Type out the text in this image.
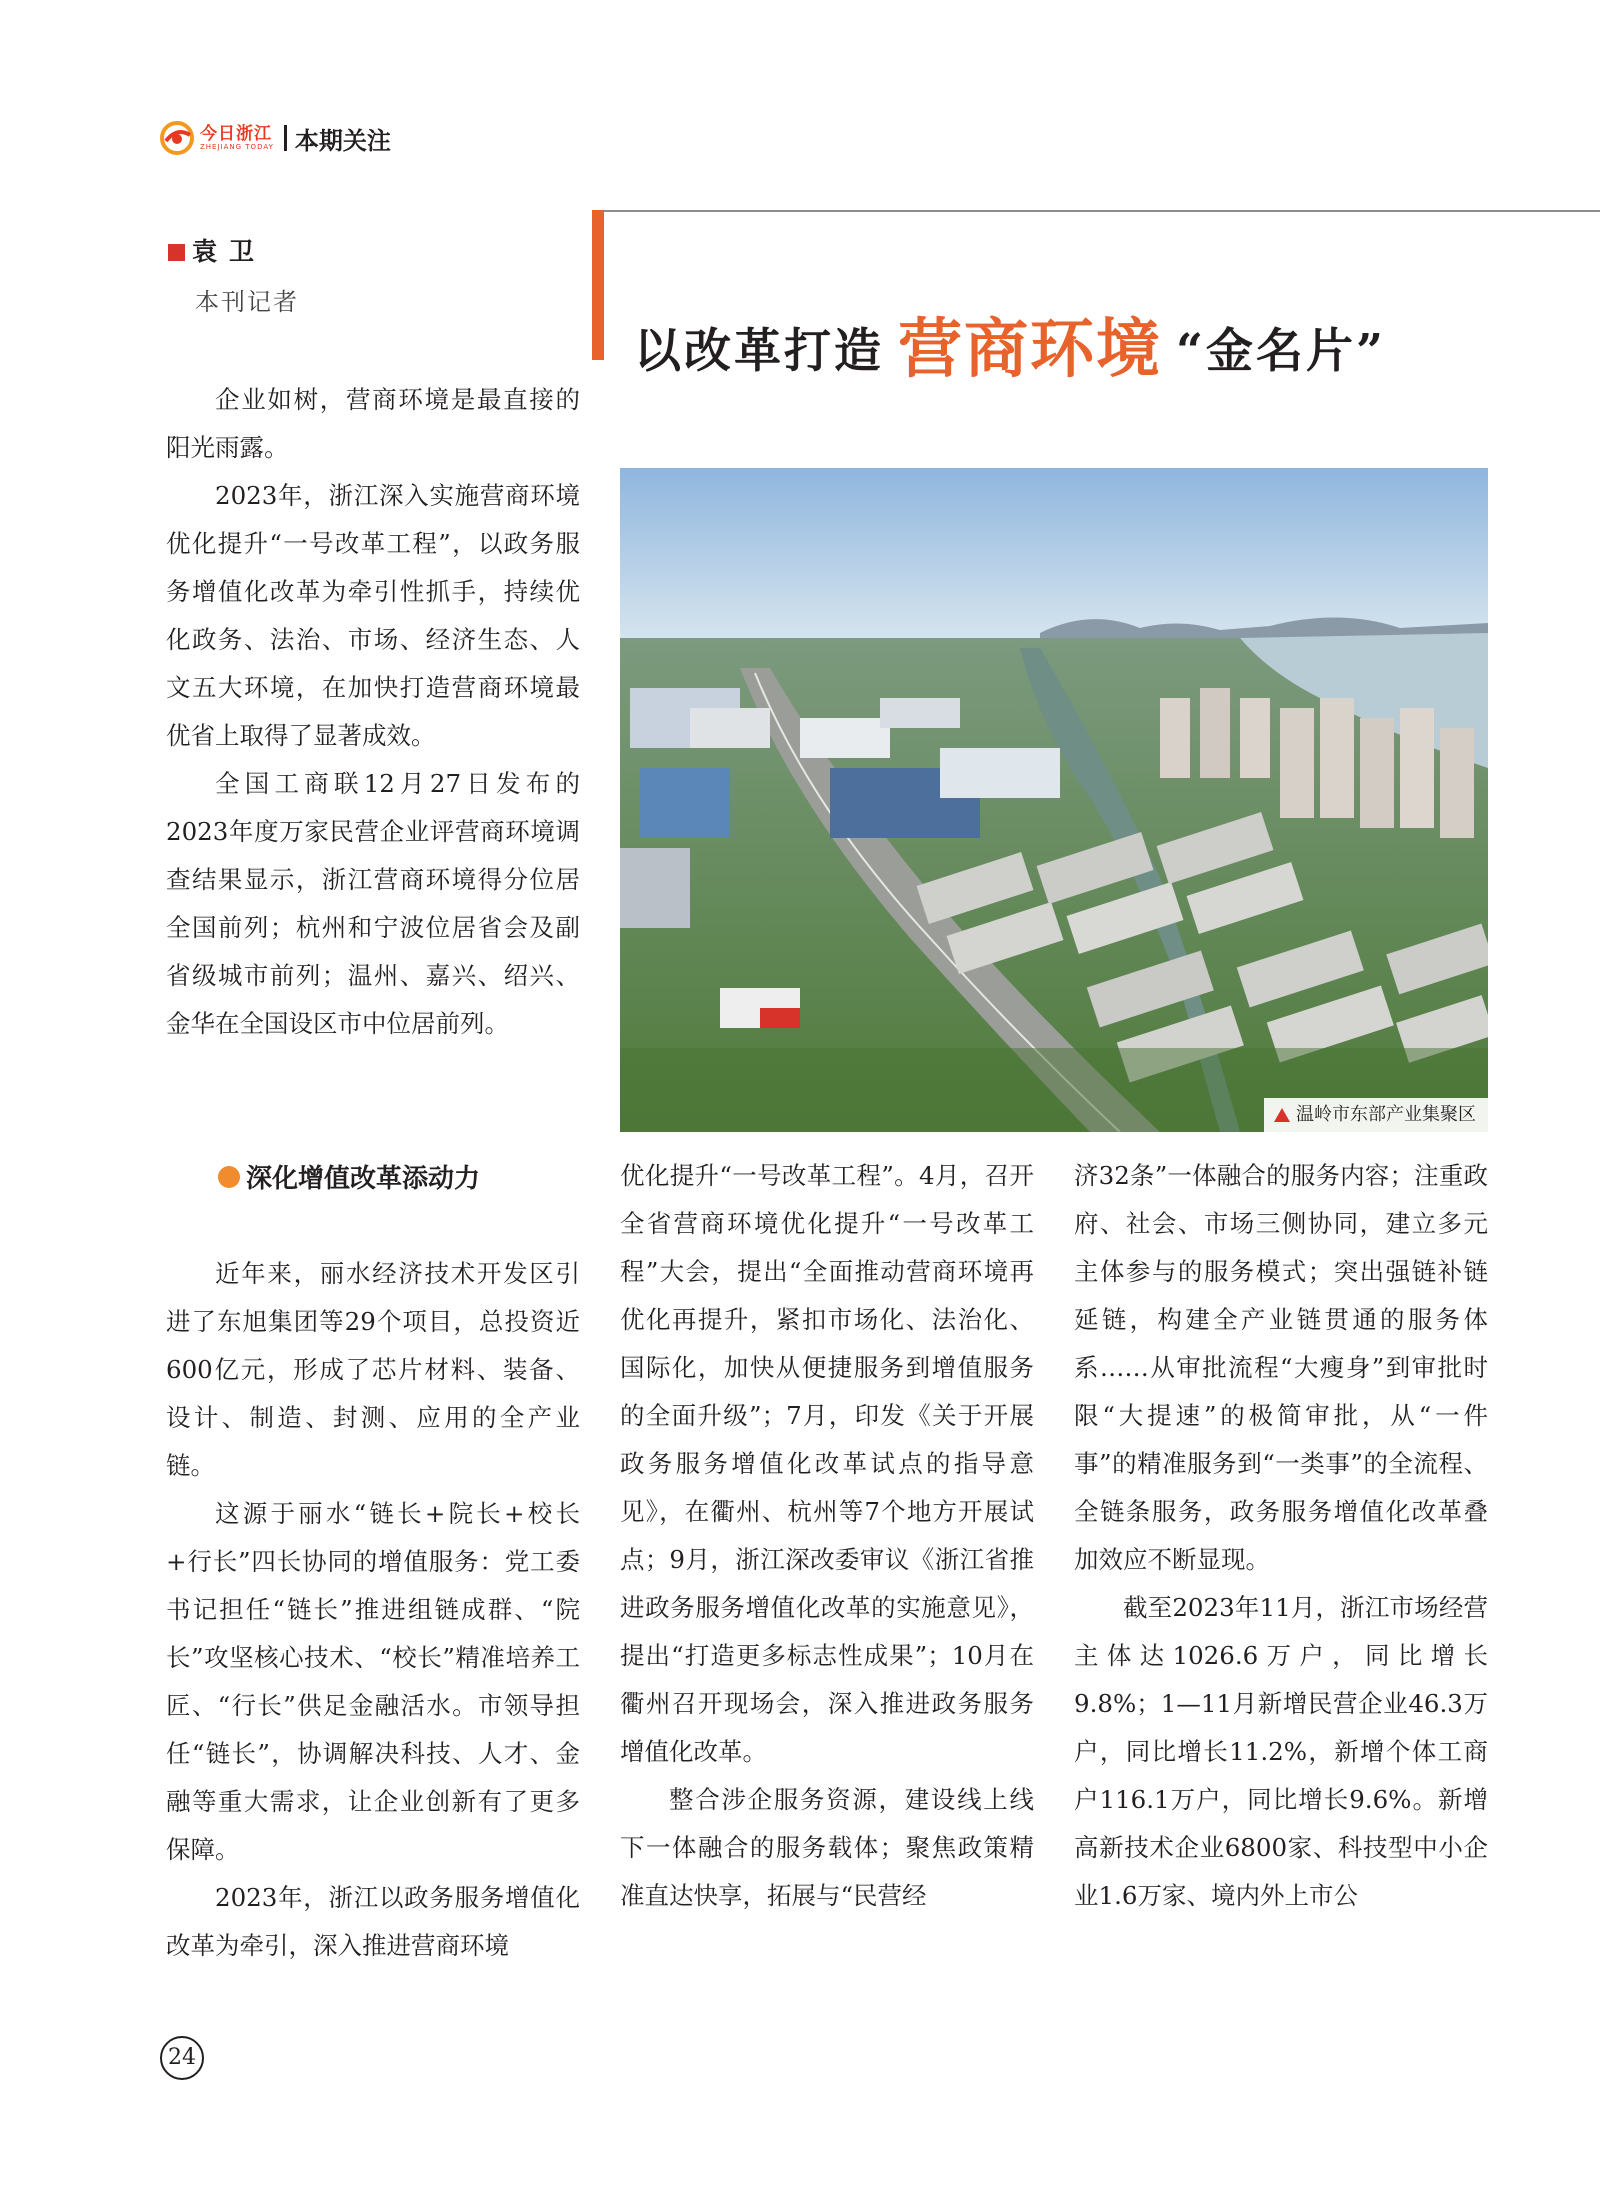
今日浙江
ZHEJIANG TODAY 本期关注
以改革打造 营商环境 “金名片”
袁卫
本刊记者

企业如树，营商环境是最直接的阳光雨露。

2023年，浙江深入实施营商环境优化提升“一号改革工程”，以政务服务增值化改革为牵引性抓手，持续优化政务、法治、市场、经济生态、人文五大环境，在加快打造营商环境最优省上取得了显著成效。

全国工商联12月27日发布的2023年度万家民营企业评营商环境调查结果显示，浙江营商环境得分位居全国前列；杭州和宁波位居省会及副省级城市前列；温州、嘉兴、绍兴、金华在全国设区市中位居前列。

深化增值改革添动力

近年来，丽水经济技术开发区引进了东旭集团等29个项目，总投资近600亿元，形成了芯片材料、装备、设计、制造、封测、应用的全产业链。

这源于丽水“链长+院长+校长+行长”四长协同的增值服务：党工委书记担任“链长”推进组链成群、“院长”攻坚核心技术、“校长”精准培养工匠、“行长”供足金融活水。市领导担任“链长”，协调解决科技、人才、金融等重大需求，让企业创新有了更多保障。

2023年，浙江以政务服务增值化改革为牵引，深入推进营商环境

温岭市东部产业集聚区

优化提升“一号改革工程”。4月，召开全省营商环境优化提升“一号改革工程”大会，提出“全面推动营商环境再优化再提升，紧扣市场化、法治化、国际化，加快从便捷服务到增值服务的全面升级”；7月，印发《关于开展政务服务增值化改革试点的指导意见》，在衢州、杭州等7个地方开展试点；9月，浙江深改委审议《浙江省推进政务服务增值化改革的实施意见》，提出“打造更多标志性成果”；10月在衢州召开现场会，深入推进政务服务增值化改革。

整合涉企服务资源，建设线上线下一体融合的服务载体；聚焦政策精准直达快享，拓展与“民营经

济32条”一体融合的服务内容；注重政府、社会、市场三侧协同，建立多元主体参与的服务模式；突出强链补链延链，构建全产业链贯通的服务体系……从审批流程“大瘦身”到审批时限“大提速”的极简审批，从“一件事”的精准服务到“一类事”的全流程、全链条服务，政务服务增值化改革叠加效应不断显现。

截至2023年11月，浙江市场经营主体达1026.6万户，同比增长9.8%；1—11月新增民营企业46.3万户，同比增长11.2%，新增个体工商户116.1万户，同比增长9.6%。新增高新技术企业6800家、科技型中小企业1.6万家、境内外上市公

24
